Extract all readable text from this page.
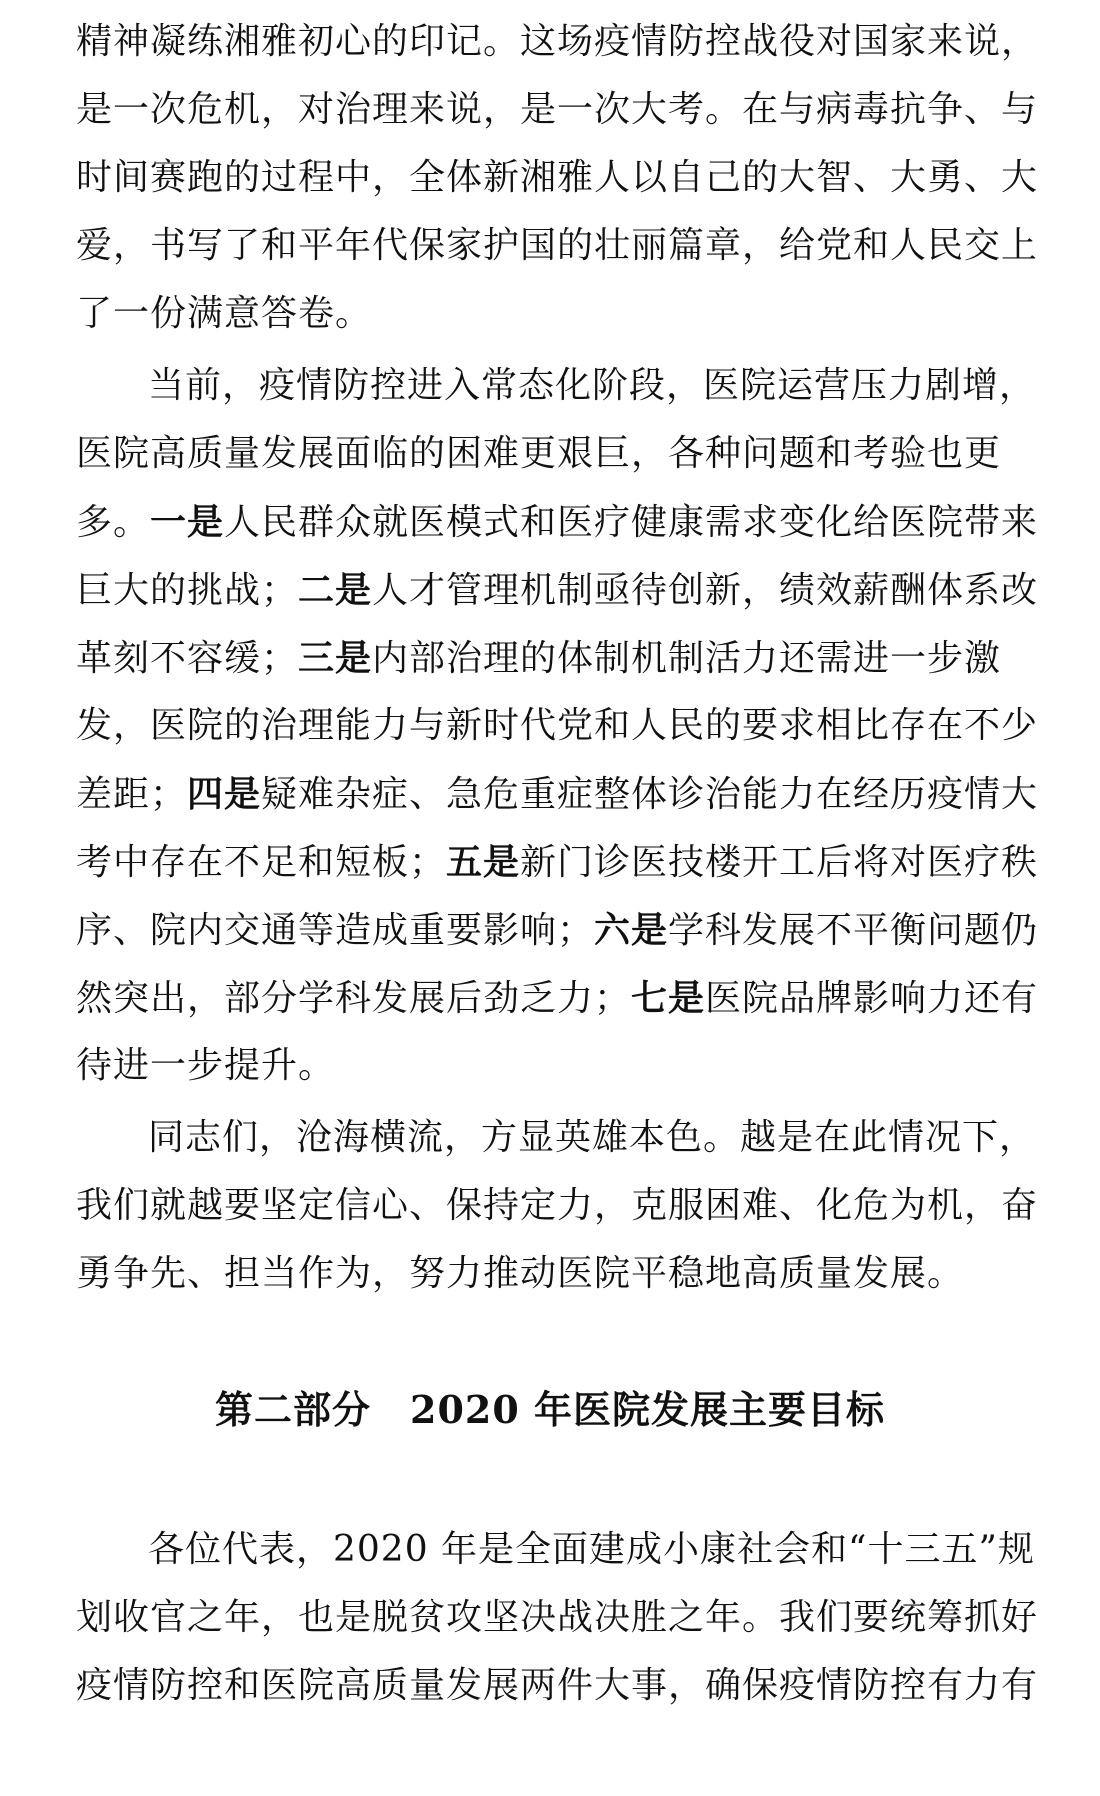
精神凝练湘雅初心的印记。这场疫情防控战役对国家来说，
是一次危机，对治理来说，是一次大考。在与病毒抗争、与
时间赛跑的过程中，全体新湘雅人以自己的大智、大勇、大
爱，书写了和平年代保家护国的壮丽篇章，给党和人民交上
了一份满意答卷。
当前，疫情防控进入常态化阶段，医院运营压力剧增，
医院高质量发展面临的困难更艰巨，各种问题和考验也更
多。一是人民群众就医模式和医疗健康需求变化给医院带来
巨大的挑战；二是人才管理机制亟待创新，绩效薪酬体系改
革刻不容缓；三是内部治理的体制机制活力还需进一步激
发，医院的治理能力与新时代党和人民的要求相比存在不少
差距；四是疑难杂症、急危重症整体诊治能力在经历疫情大
考中存在不足和短板；五是新门诊医技楼开工后将对医疗秩
序、院内交通等造成重要影响；六是学科发展不平衡问题仍
然突出，部分学科发展后劲乏力；七是医院品牌影响力还有
待进一步提升。
同志们，沧海横流，方显英雄本色。越是在此情况下，
我们就越要坚定信心、保持定力，克服困难、化危为机，奋
勇争先、担当作为，努力推动医院平稳地高质量发展。
第二部分　2020 年医院发展主要目标
各位代表，2020 年是全面建成小康社会和“十三五”规
划收官之年，也是脱贫攻坚决战决胜之年。我们要统筹抓好
疫情防控和医院高质量发展两件大事，确保疫情防控有力有
